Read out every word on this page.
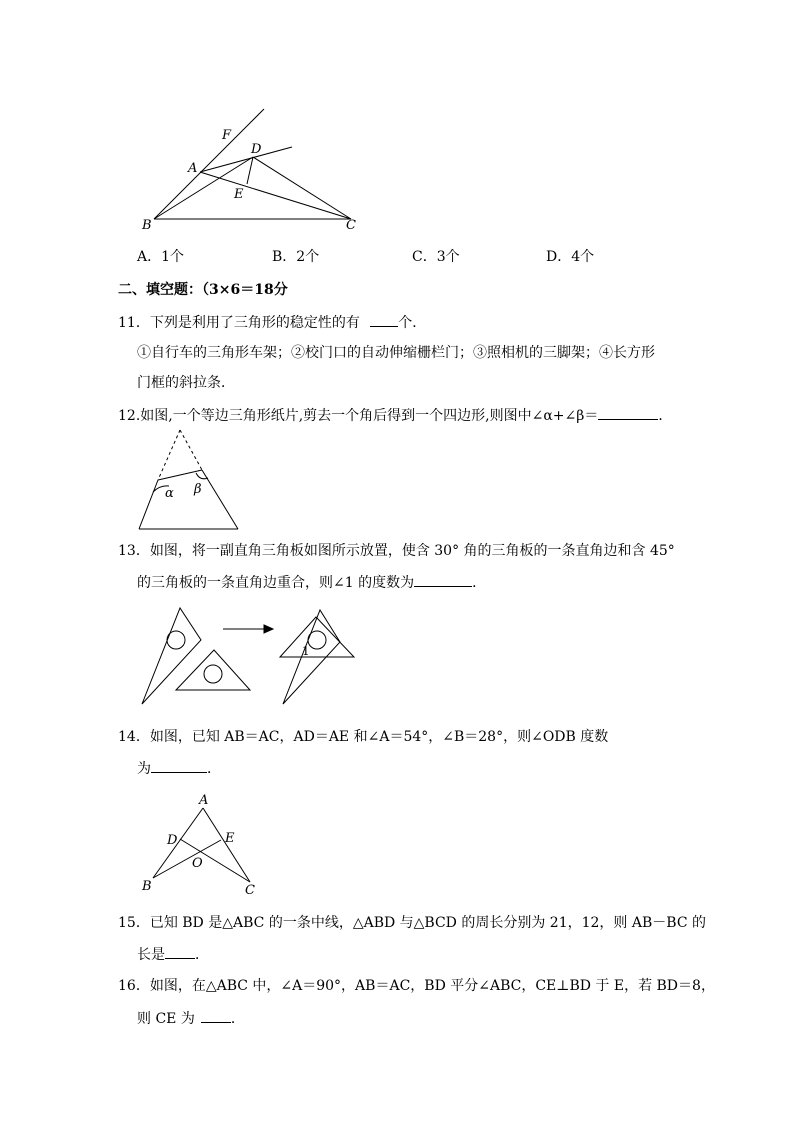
F
D
A
E
B	C
A．1个	B．2个	C．3个	D．4个
二、填空题：（3×6＝18分
11．下列是利用了三角形的稳定性的有	个．
①自行车的三角形车架；②校门口的自动伸缩栅栏门；③照相机的三脚架；④长方形
门框的斜拉条．
12.如图,一个等边三角形纸片,剪去一个角后得到一个四边形,则图中∠α+∠β＝	．
α β
13．如图，将一副直角三角板如图所示放置，使含 30° 角的三角板的一条直角边和含 45°
的三角板的一条直角边重合，则∠1 的度数为	．
1
14．如图，已知 AB＝AC，AD＝AE 和∠A＝54°，∠B＝28°，则∠ODB 度数
为	．
A
D	E
O
B	C
15．已知 BD 是△ABC 的一条中线，△ABD 与△BCD 的周长分别为 21，12，则 AB－BC 的
长是 ．
16．如图，在△ABC 中，∠A＝90°，AB＝AC，BD 平分∠ABC，CE⊥BD 于 E，若 BD＝8，
则 CE 为	．
